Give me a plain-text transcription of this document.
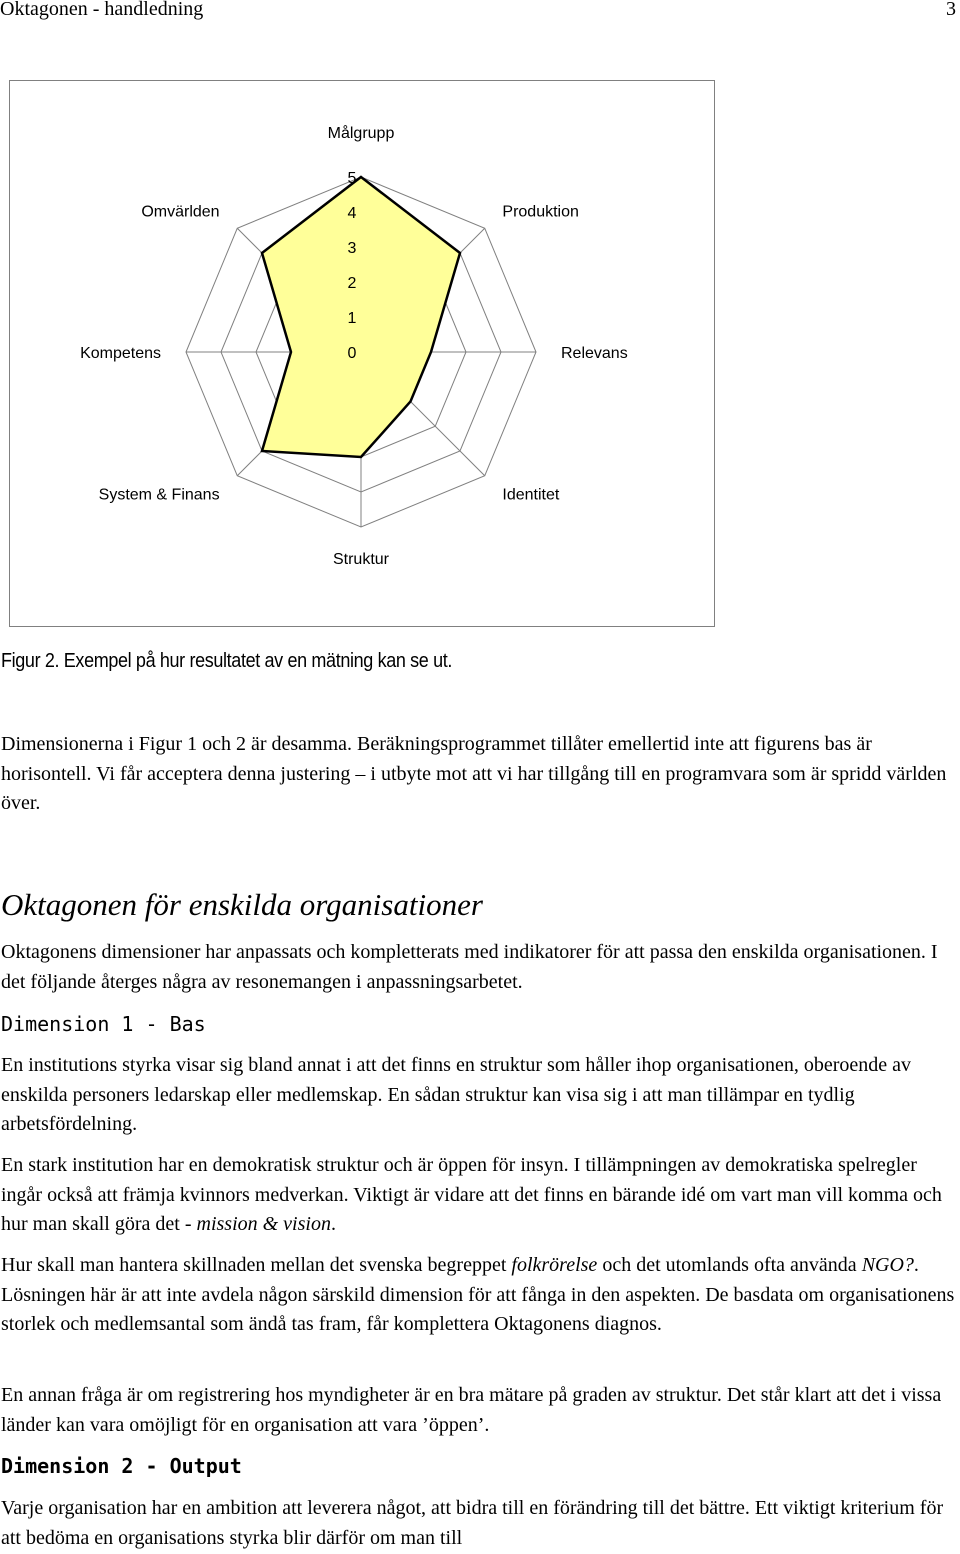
Oktagonen - handledning	3
0
1
2
3
4
5
Målgrupp
Produktion
Relevans
Identitet
Struktur
System & Finans
Kompetens
Omvärlden
Figur 2. Exempel på hur resultatet av en mätning kan se ut.

Dimensionerna i Figur 1 och 2 är desamma. Beräkningsprogrammet tillåter emellertid inte att figurens bas är horisontell. Vi får acceptera denna justering – i utbyte mot att vi har tillgång till en programvara som är spridd världen över.

Oktagonen för enskilda organisationer

Oktagonens dimensioner har anpassats och kompletterats med indikatorer för att passa den enskilda organisationen. I det följande återges några av resonemangen i anpassningsarbetet.

Dimension 1 - Bas

En institutions styrka visar sig bland annat i att det finns en struktur som håller ihop organisationen, oberoende av enskilda personers ledarskap eller medlemskap. En sådan struktur kan visa sig i att man tillämpar en tydlig arbetsfördelning.

En stark institution har en demokratisk struktur och är öppen för insyn. I tillämpningen av demokratiska spelregler ingår också att främja kvinnors medverkan. Viktigt är vidare att det finns en bärande idé om vart man vill komma och hur man skall göra det - mission & vision.

Hur skall man hantera skillnaden mellan det svenska begreppet folkrörelse och det utomlands ofta använda NGO?. Lösningen här är att inte avdela någon särskild dimension för att fånga in den aspekten. De basdata om organisationens storlek och medlemsantal som ändå tas fram, får komplettera Oktagonens diagnos.

En annan fråga är om registrering hos myndigheter är en bra mätare på graden av struktur. Det står klart att det i vissa länder kan vara omöjligt för en organisation att vara ’öppen’.

Dimension 2 - Output

Varje organisation har en ambition att leverera något, att bidra till en förändring till det bättre. Ett viktigt kriterium för att bedöma en organisations styrka blir därför om man till
